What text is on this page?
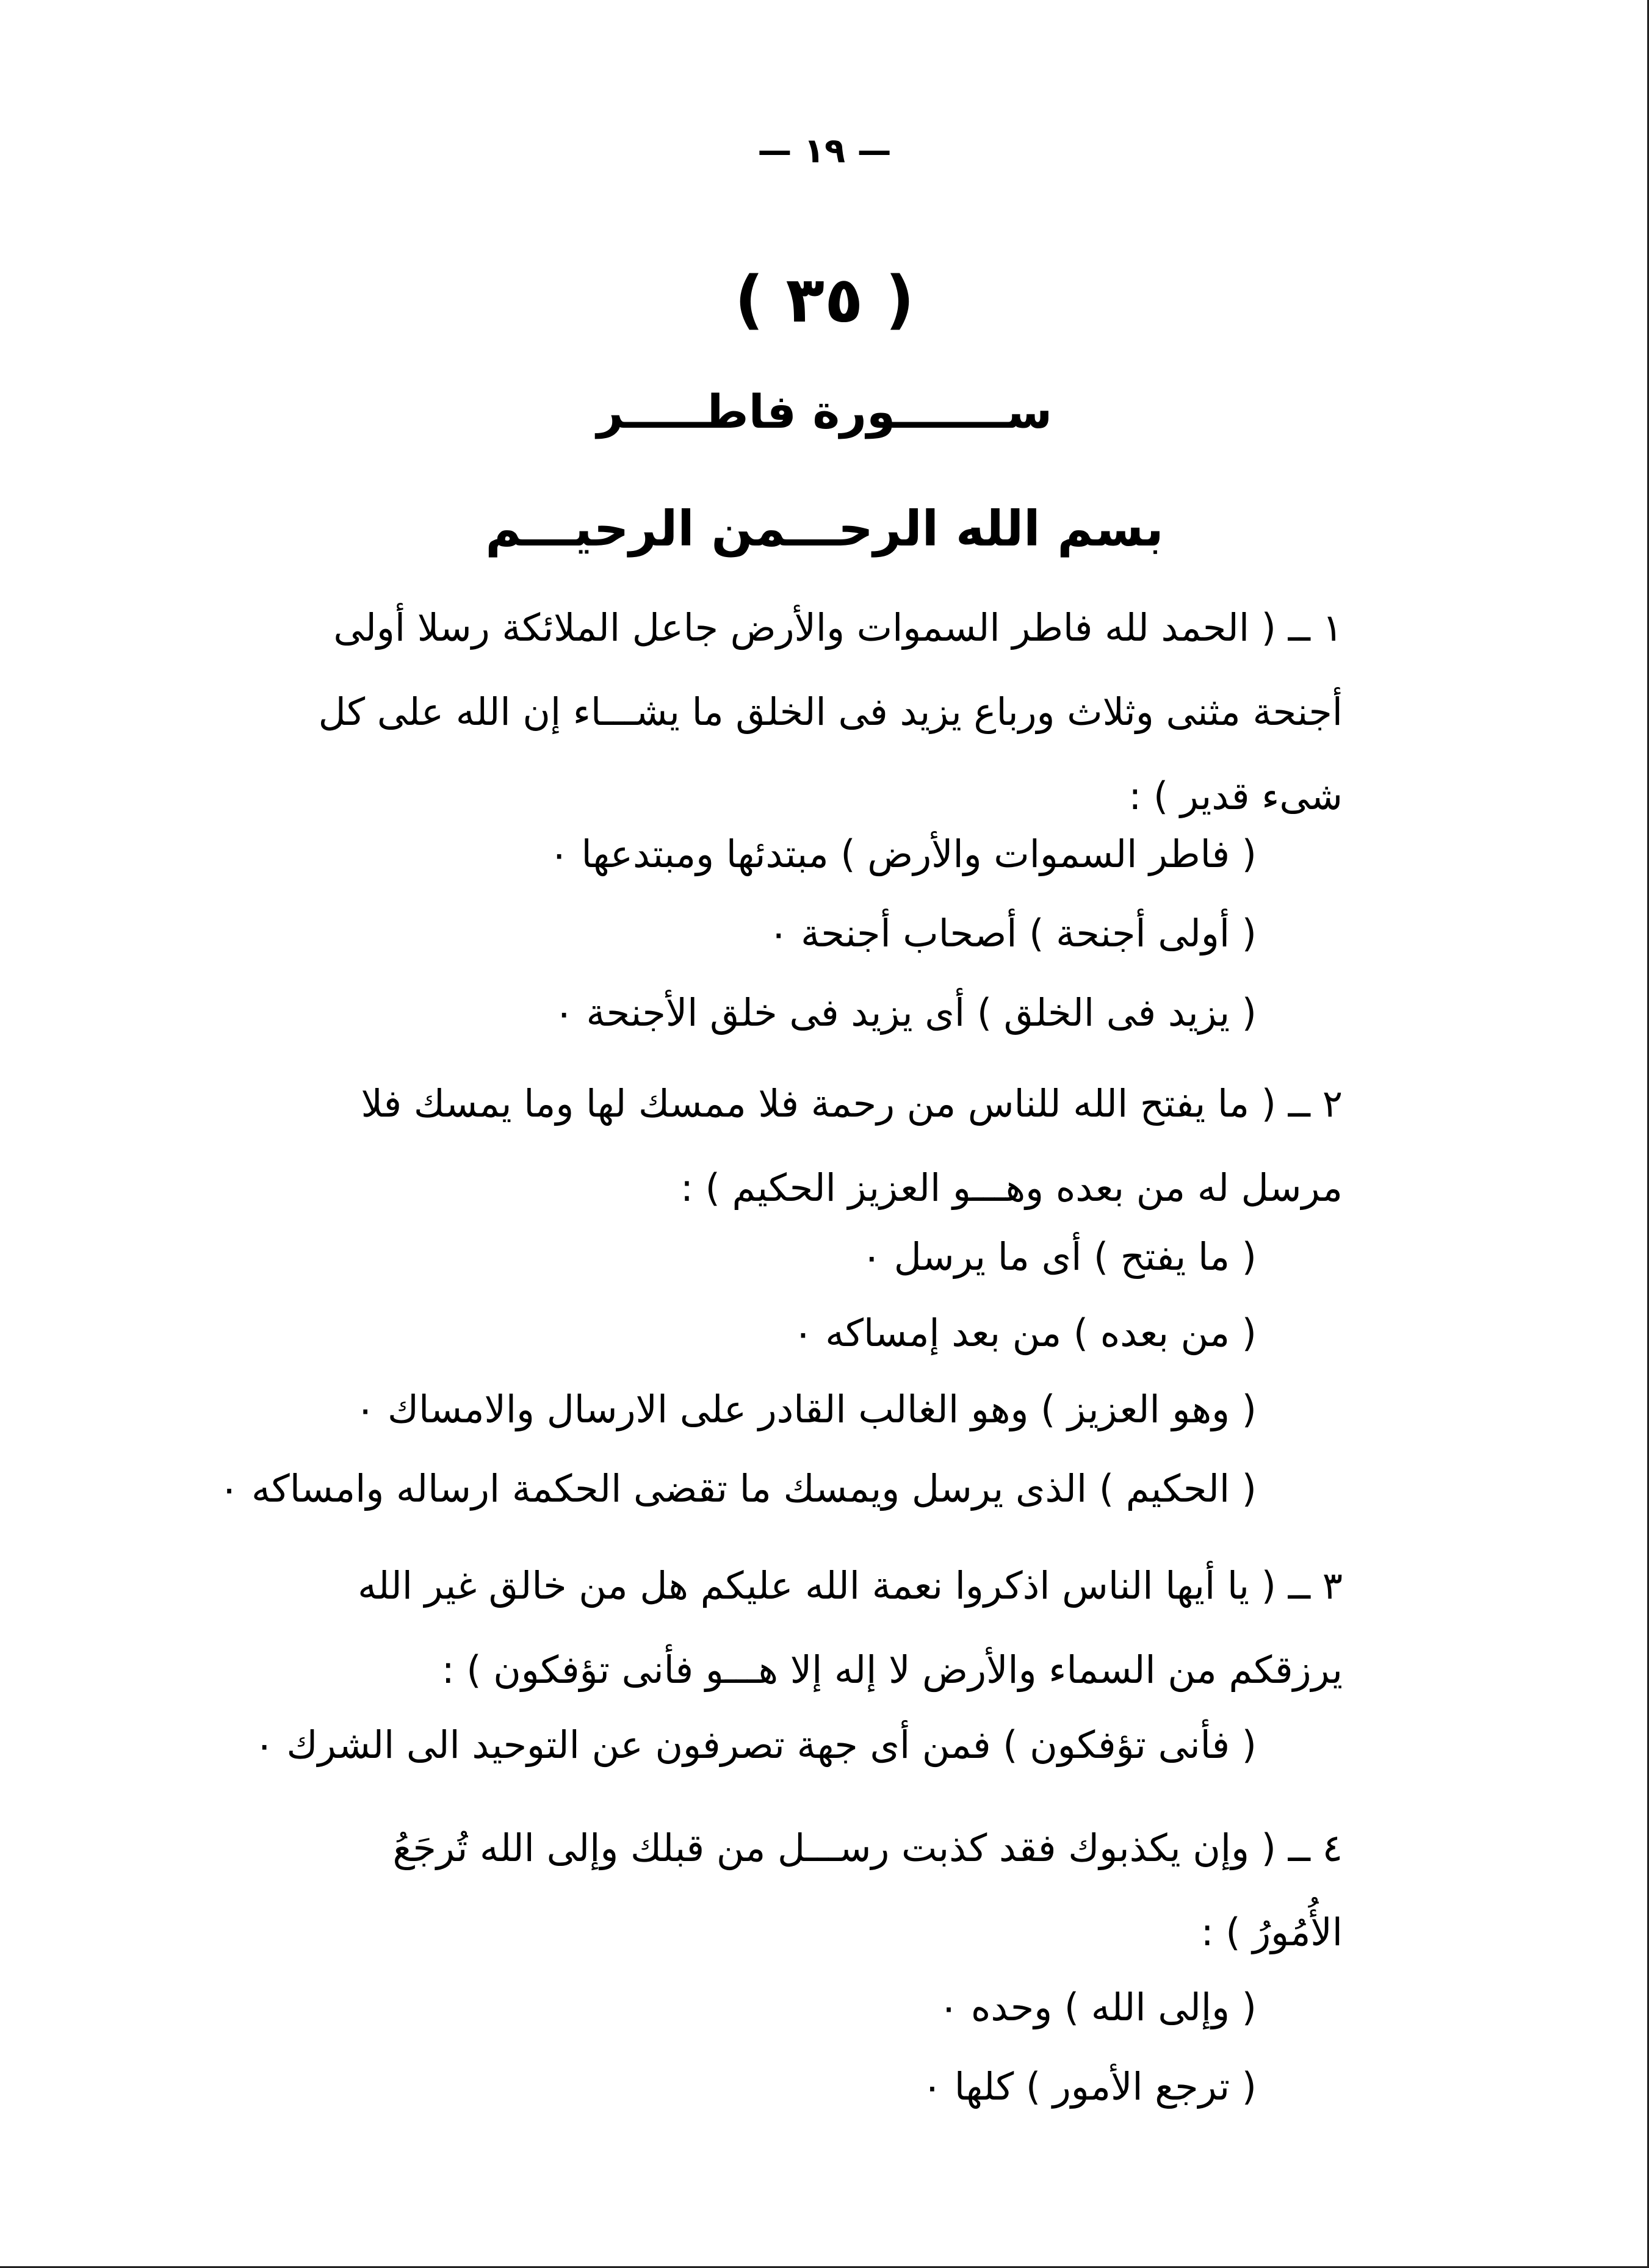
— ١٩ —
( ٣٥ )
ســـــــورة فاطـــــر
بسم الله الرحـــمن الرحيـــم

١ ــ ( الحمد لله فاطر السموات والأرض جاعل الملائكة رسلا أولى

أجنحة مثنى وثلاث ورباع يزيد فى الخلق ما يشـــاء إن الله على كل

شىء قدير ) :

( فاطر السموات والأرض ) مبتدئها ومبتدعها ٠
( أولى أجنحة ) أصحاب أجنحة ٠
( يزيد فى الخلق ) أى يزيد فى خلق الأجنحة ٠

٢ ــ ( ما يفتح الله للناس من رحمة فلا ممسك لها وما يمسك فلا

مرسل له من بعده وهـــو العزيز الحكيم ) :

( ما يفتح ) أى ما يرسل ٠
( من بعده ) من بعد إمساكه ٠
( وهو العزيز ) وهو الغالب القادر على الارسال والامساك ٠
( الحكيم ) الذى يرسل ويمسك ما تقضى الحكمة ارساله وامساكه ٠

٣ ــ ( يا أيها الناس اذكروا نعمة الله عليكم هل من خالق غير الله

يرزقكم من السماء والأرض لا إله إلا هـــو فأنى تؤفكون ) :

( فأنى تؤفكون ) فمن أى جهة تصرفون عن التوحيد الى الشرك ٠

٤ ــ ( وإن يكذبوك فقد كذبت رســـل من قبلك وإلى الله تُرجَعُ

الأُمُورُ ) :

( وإلى الله ) وحده ٠
( ترجع الأمور ) كلها ٠
